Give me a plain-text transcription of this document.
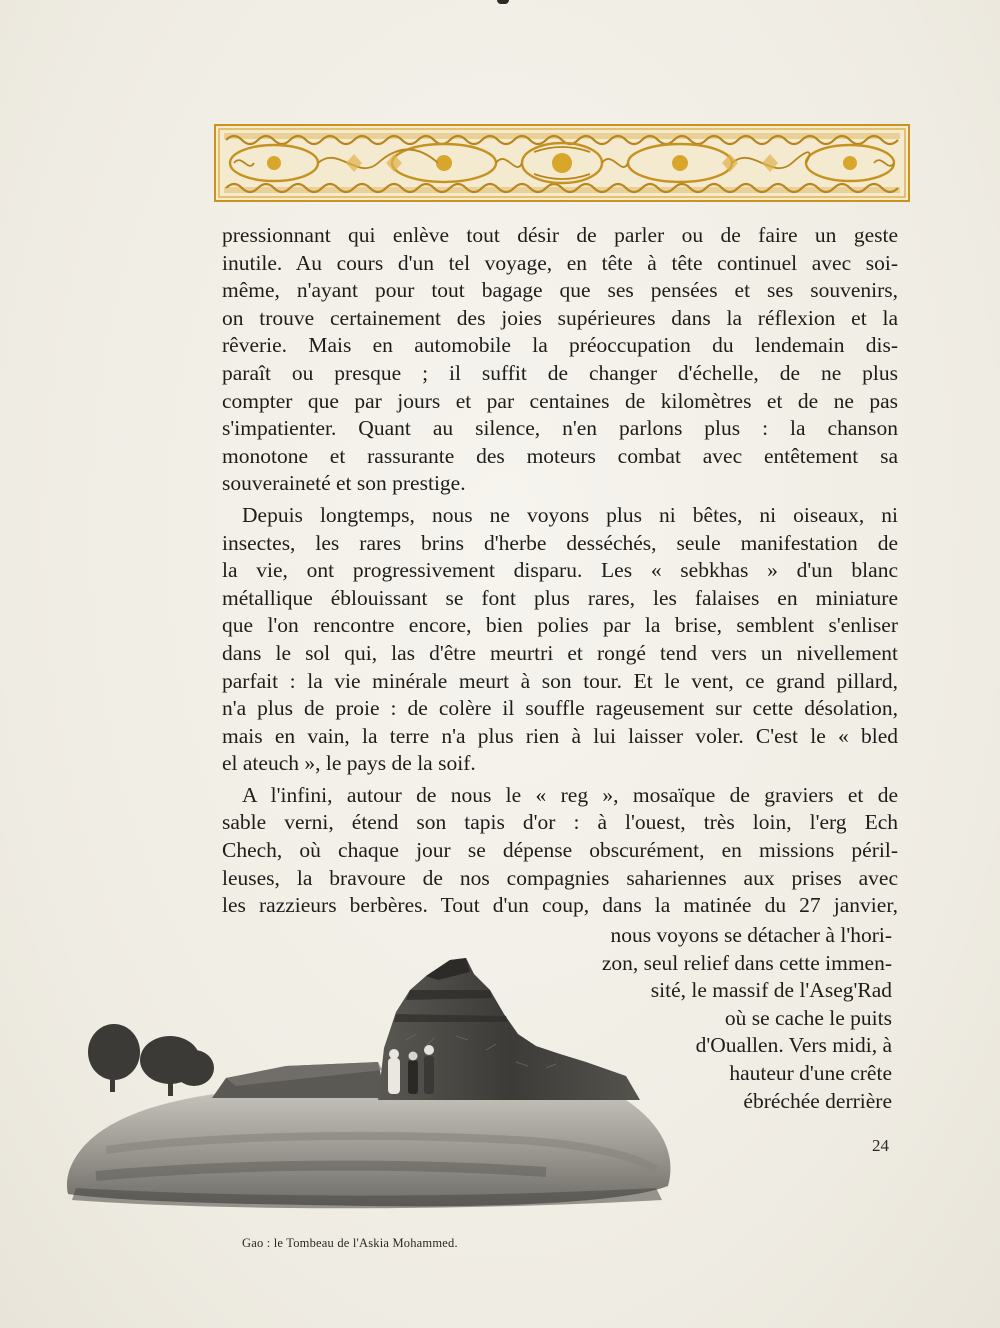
pressionnant qui enlève tout désir de parler ou de faire un geste
inutile. Au cours d'un tel voyage, en tête à tête continuel avec soi-
même, n'ayant pour tout bagage que ses pensées et ses souvenirs,
on trouve certainement des joies supérieures dans la réflexion et la
rêverie. Mais en automobile la préoccupation du lendemain dis-
paraît ou presque ; il suffit de changer d'échelle, de ne plus
compter que par jours et par centaines de kilomètres et de ne pas
s'impatienter. Quant au silence, n'en parlons plus : la chanson
monotone et rassurante des moteurs combat avec entêtement sa
souveraineté et son prestige.

Depuis longtemps, nous ne voyons plus ni bêtes, ni oiseaux, ni
insectes, les rares brins d'herbe desséchés, seule manifestation de
la vie, ont progressivement disparu. Les « sebkhas » d'un blanc
métallique éblouissant se font plus rares, les falaises en miniature
que l'on rencontre encore, bien polies par la brise, semblent s'enliser
dans le sol qui, las d'être meurtri et rongé tend vers un nivellement
parfait : la vie minérale meurt à son tour. Et le vent, ce grand pillard,
n'a plus de proie : de colère il souffle rageusement sur cette désolation,
mais en vain, la terre n'a plus rien à lui laisser voler. C'est le « bled
el ateuch », le pays de la soif.

A l'infini, autour de nous le « reg », mosaïque de graviers et de
sable verni, étend son tapis d'or : à l'ouest, très loin, l'erg Ech
Chech, où chaque jour se dépense obscurément, en missions péril-
leuses, la bravoure de nos compagnies sahariennes aux prises avec
les razzieurs berbères. Tout d'un coup, dans la matinée du 27 janvier,

nous voyons se détacher à l'hori-
zon, seul relief dans cette immen-
sité, le massif de l'Aseg'Rad
où se cache le puits
d'Ouallen. Vers midi, à
hauteur d'une crête
ébréchée derrière
24
Gao : le Tombeau de l'Askia Mohammed.
